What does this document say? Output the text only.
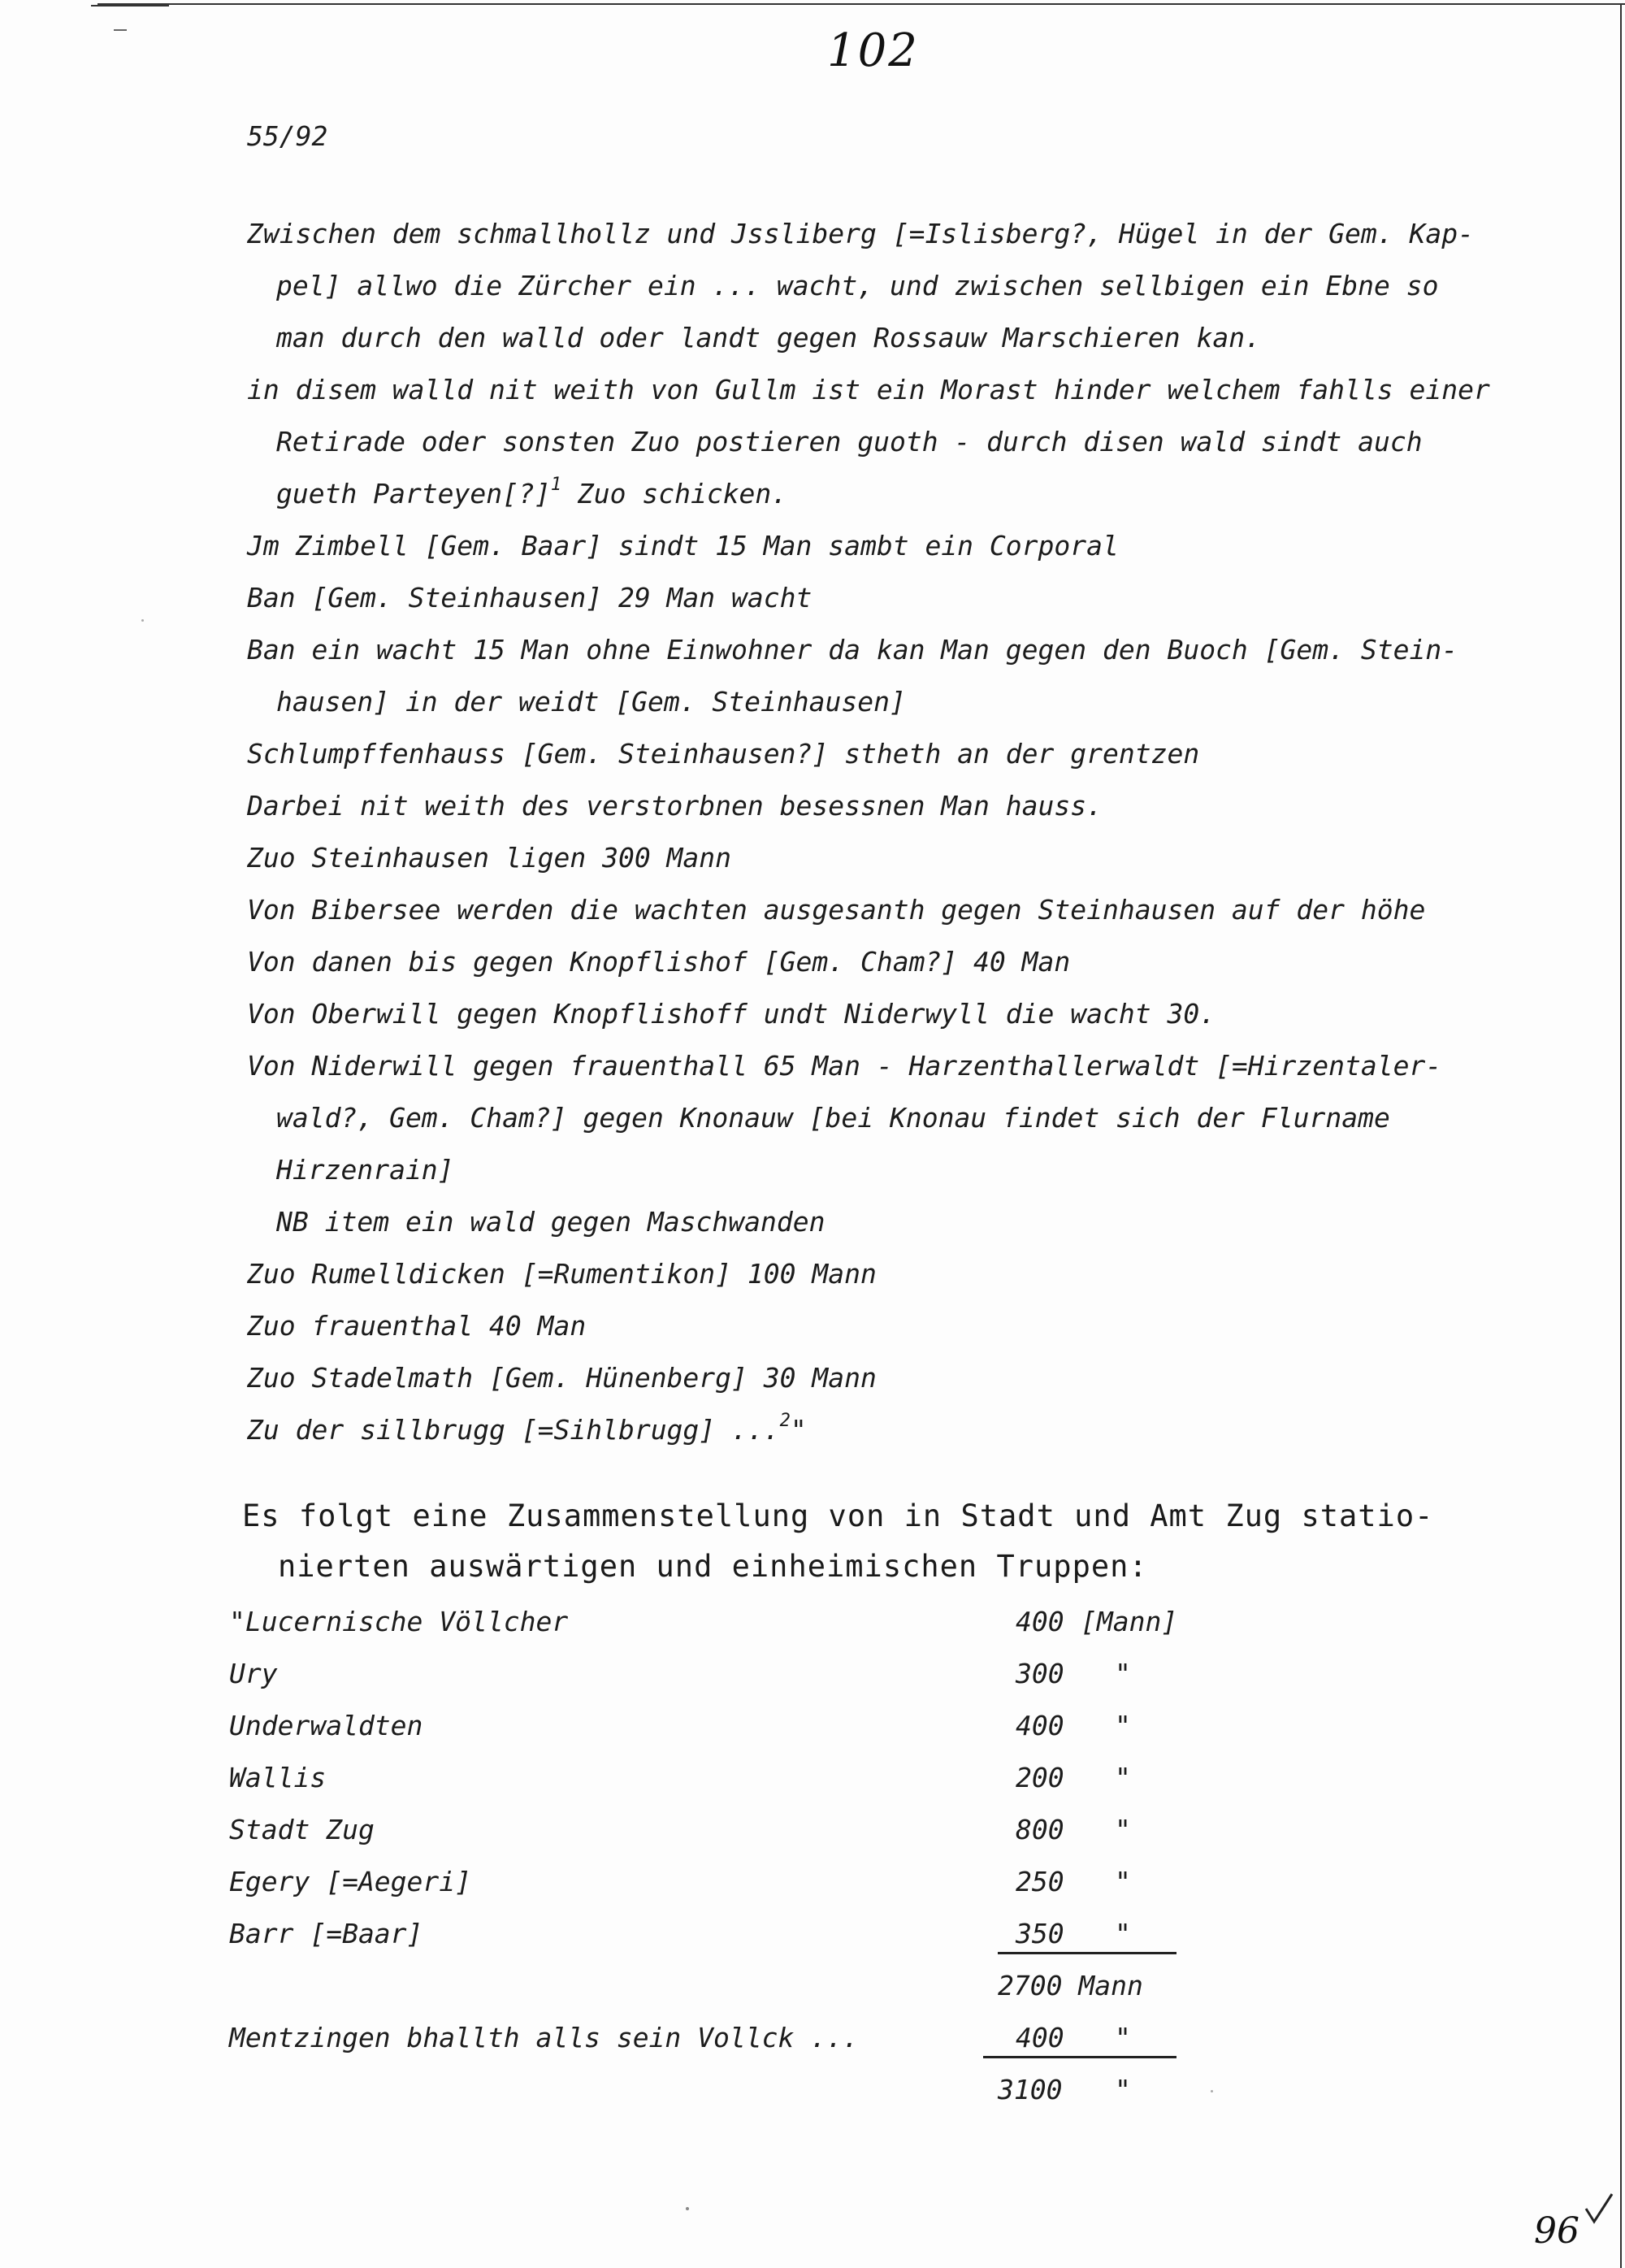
102
55/92
Zwischen dem schmallhollz und Jssliberg [=Islisberg?, Hügel in der Gem. Kap-
pel] allwo die Zürcher ein ... wacht, und zwischen sellbigen ein Ebne so
man durch den walld oder landt gegen Rossauw Marschieren kan.
in disem walld nit weith von Gullm ist ein Morast hinder welchem fahlls einer
Retirade oder sonsten Zuo postieren guoth - durch disen wald sindt auch
gueth Parteyen[?]$^1$ Zuo schicken.
Jm Zimbell [Gem. Baar] sindt 15 Man sambt ein Corporal
Ban [Gem. Steinhausen] 29 Man wacht
Ban ein wacht 15 Man ohne Einwohner da kan Man gegen den Buoch [Gem. Stein-
hausen] in der weidt [Gem. Steinhausen]
Schlumpffenhauss [Gem. Steinhausen?] stheth an der grentzen
Darbei nit weith des verstorbnen besessnen Man hauss.
Zuo Steinhausen ligen 300 Mann
Von Bibersee werden die wachten ausgesanth gegen Steinhausen auf der höhe
Von danen bis gegen Knopflishof [Gem. Cham?] 40 Man
Von Oberwill gegen Knopflishoff undt Niderwyll die wacht 30.
Von Niderwill gegen frauenthall 65 Man - Harzenthallerwaldt [=Hirzentaler-
wald?, Gem. Cham?] gegen Knonauw [bei Knonau findet sich der Flurname
Hirzenrain]
NB item ein wald gegen Maschwanden
Zuo Rumelldicken [=Rumentikon] 100 Mann
Zuo frauenthal 40 Man
Zuo Stadelmath [Gem. Hünenberg] 30 Mann
Zu der sillbrugg [=Sihlbrugg] ...$^2$"
Es folgt eine Zusammenstellung von in Stadt und Amt Zug statio-
nierten auswärtigen und einheimischen Truppen:
"Lucernische Völlcher	400 [Mann]
Ury	300 "
Underwaldten	400 "
Wallis	200 "
Stadt Zug	800 "
Egery [=Aegeri]	250 "
Barr [=Baar]	350 "
2700 Mann
Mentzingen bhallth alls sein Vollck ...	400 "
3100 "
96
